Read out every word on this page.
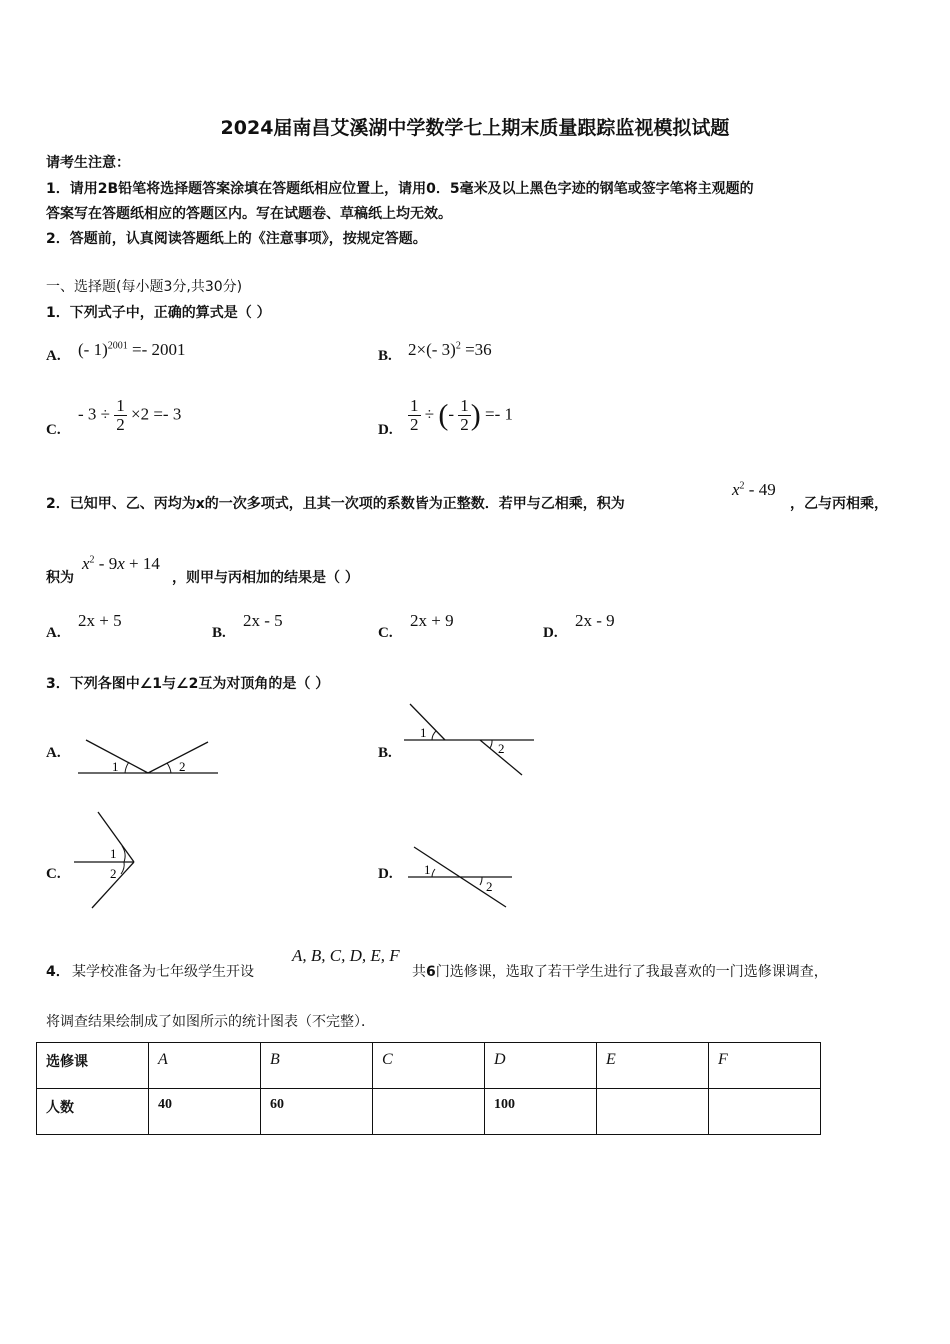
2024届南昌艾溪湖中学数学七上期末质量跟踪监视模拟试题
请考生注意：
1．请用2B铅笔将选择题答案涂填在答题纸相应位置上，请用0．5毫米及以上黑色字迹的钢笔或签字笔将主观题的
答案写在答题纸相应的答题区内。写在试题卷、草稿纸上均无效。
2．答题前，认真阅读答题纸上的《注意事项》，按规定答题。
一、选择题(每小题3分,共30分)
1．下列式子中，正确的算式是（ ）
A. (- 1)$^{2001}$ =- 2001	B. 2×(- 3)$^2$ =36
C.
- $3 \div \frac{1}{2} \times 2 =- 3$
D. $\frac{1}{2}$ ÷ (- $\frac{1}{2}$ ) =- 1
2．已知甲、乙、丙均为x的一次多项式，且其一次项的系数皆为正整数．若甲与乙相乘，积为
$x^2 - 49$
，乙与丙相乘，
积为
$x^2 - 9x + 14$
，则甲与丙相加的结果是（ ）
A.
2x + 5
B.
2x - 5
C.
2x + 9
D.
2x - 9
3．下列各图中∠1与∠2互为对顶角的是（ ）
A.
1	2
B.
1
2
C.
1
2	D. 1
2
4． 某学校准备为七年级学生开设
A, B, C, D, E, F
共6门选修课，选取了若干学生进行了我最喜欢的一门选修课调查，
将调查结果绘制成了如图所示的统计图表（不完整）．
选修课	A	B	C	D	E	F
人数	40	60		100		
